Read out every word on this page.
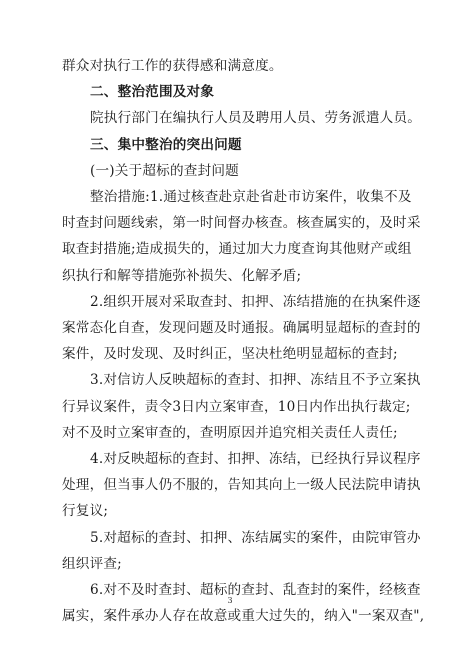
群众对执行工作的获得感和满意度。
二、整治范围及对象
院执行部门在编执行人员及聘用人员、劳务派遣人员。
三、集中整治的突出问题
(一)关于超标的查封问题
整治措施:1.通过核查赴京赴省赴市访案件，收集不及
时查封问题线索，第一时间督办核查。核查属实的，及时采
取查封措施;造成损失的，通过加大力度查询其他财产或组
织执行和解等措施弥补损失、化解矛盾;
2.组织开展对采取查封、扣押、冻结措施的在执案件逐
案常态化自查，发现问题及时通报。确属明显超标的查封的
案件，及时发现、及时纠正，坚决杜绝明显超标的查封;
3.对信访人反映超标的查封、扣押、冻结且不予立案执
行异议案件，责令3日内立案审查，10日内作出执行裁定;
对不及时立案审查的，查明原因并追究相关责任人责任;
4.对反映超标的查封、扣押、冻结，已经执行异议程序
处理，但当事人仍不服的，告知其向上一级人民法院申请执
行复议;
5.对超标的查封、扣押、冻结属实的案件，由院审管办
组织评查;
6.对不及时查封、超标的查封、乱查封的案件，经核查
属实，案件承办人存在故意或重大过失的，纳入"一案双查",
3
